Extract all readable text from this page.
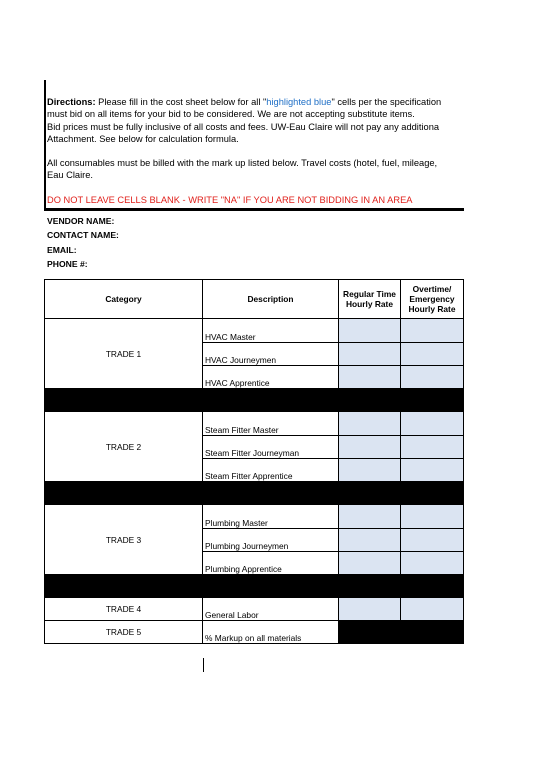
Directions: Please fill in the cost sheet below for all "highlighted blue" cells per the specification

must bid on all items for your bid to be considered. We are not accepting substitute items.

Bid prices must be fully inclusive of all costs and fees. UW-Eau Claire will not pay any additiona

Attachment. See below for calculation formula.

All consumables must be billed with the mark up listed below. Travel costs (hotel, fuel, mileage,

Eau Claire.

DO NOT LEAVE CELLS BLANK - WRITE "NA" IF YOU ARE NOT BIDDING IN AN AREA

VENDOR NAME:
CONTACT NAME:
EMAIL:
PHONE #:
Category	Description	Regular Time Hourly Rate	Overtime/ Emergency Hourly Rate
TRADE 1	HVAC Master		
	HVAC Journeymen		
	HVAC Apprentice		

TRADE 2	Steam Fitter Master		
	Steam Fitter Journeyman		
	Steam Fitter Apprentice		

TRADE 3	Plumbing Master		
	Plumbing Journeymen		
	Plumbing Apprentice		

TRADE 4	General Labor		
TRADE 5	% Markup on all materials		
